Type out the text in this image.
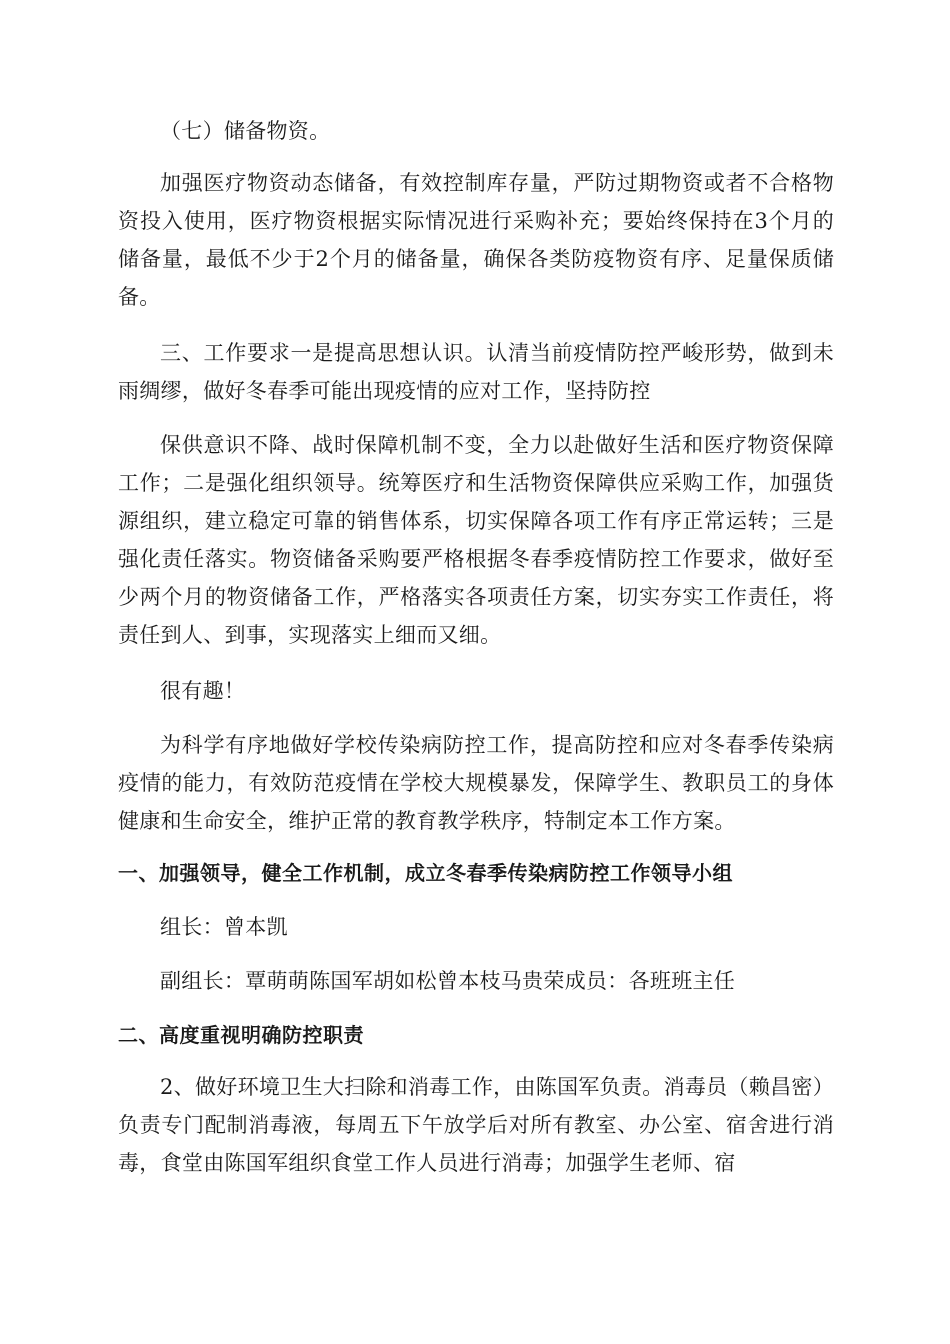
（七）储备物资。

加强医疗物资动态储备，有效控制库存量，严防过期物资或者不合格物资投入使用，医疗物资根据实际情况进行采购补充；要始终保持在3个月的储备量，最低不少于2个月的储备量，确保各类防疫物资有序、足量保质储备。

三、工作要求一是提高思想认识。认清当前疫情防控严峻形势，做到未雨绸缪，做好冬春季可能出现疫情的应对工作，坚持防控

保供意识不降、战时保障机制不变，全力以赴做好生活和医疗物资保障工作；二是强化组织领导。统筹医疗和生活物资保障供应采购工作，加强货源组织，建立稳定可靠的销售体系，切实保障各项工作有序正常运转；三是强化责任落实。物资储备采购要严格根据冬春季疫情防控工作要求，做好至少两个月的物资储备工作，严格落实各项责任方案，切实夯实工作责任，将责任到人、到事，实现落实上细而又细。

很有趣！

为科学有序地做好学校传染病防控工作，提高防控和应对冬春季传染病疫情的能力，有效防范疫情在学校大规模暴发，保障学生、教职员工的身体健康和生命安全，维护正常的教育教学秩序，特制定本工作方案。

一、加强领导，健全工作机制，成立冬春季传染病防控工作领导小组

组长：曾本凯

副组长：覃萌萌陈国军胡如松曾本枝马贵荣成员：各班班主任

二、高度重视明确防控职责

2、做好环境卫生大扫除和消毒工作，由陈国军负责。消毒员（赖昌密）负责专门配制消毒液，每周五下午放学后对所有教室、办公室、宿舍进行消毒，食堂由陈国军组织食堂工作人员进行消毒；加强学生老师、宿
